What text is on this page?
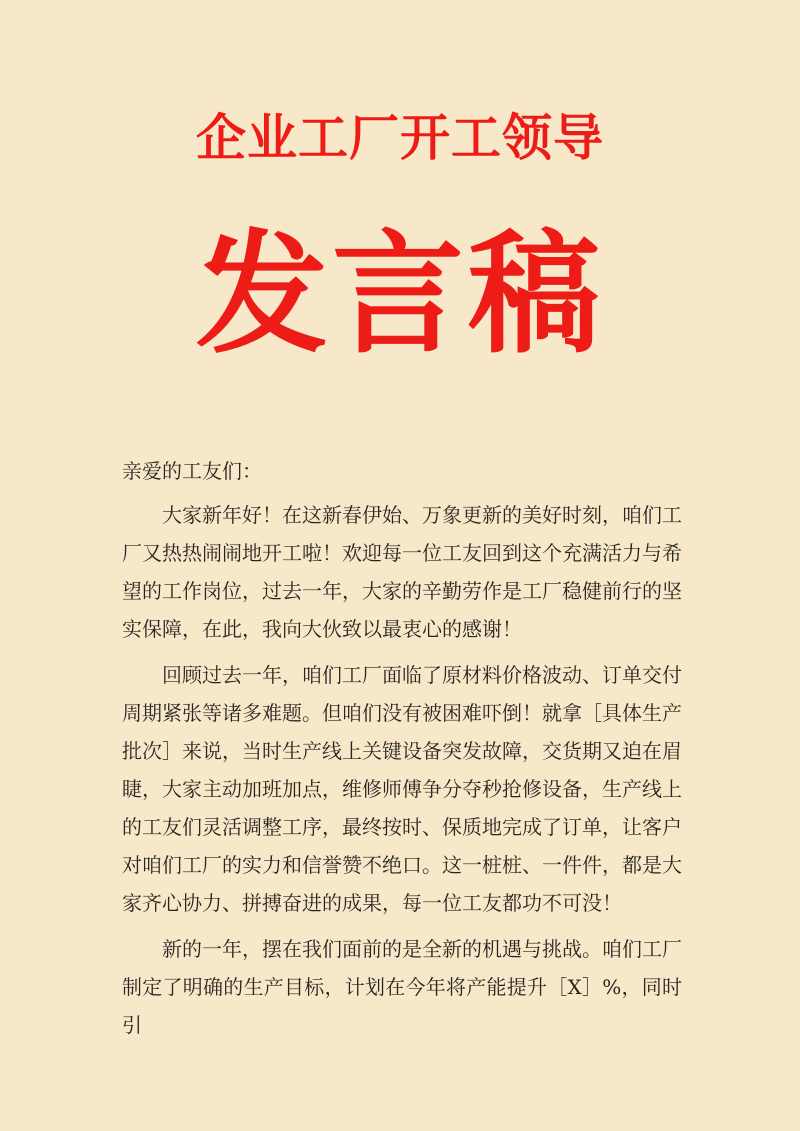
企业工厂开工领导
发言稿

亲爱的工友们：

大家新年好！在这新春伊始、万象更新的美好时刻，咱们工厂又热热闹闹地开工啦！欢迎每一位工友回到这个充满活力与希望的工作岗位，过去一年，大家的辛勤劳作是工厂稳健前行的坚实保障，在此，我向大伙致以最衷心的感谢！

回顾过去一年，咱们工厂面临了原材料价格波动、订单交付周期紧张等诸多难题。但咱们没有被困难吓倒！就拿［具体生产批次］来说，当时生产线上关键设备突发故障，交货期又迫在眉睫，大家主动加班加点，维修师傅争分夺秒抢修设备，生产线上的工友们灵活调整工序，最终按时、保质地完成了订单，让客户对咱们工厂的实力和信誉赞不绝口。这一桩桩、一件件，都是大家齐心协力、拼搏奋进的成果，每一位工友都功不可没！

新的一年，摆在我们面前的是全新的机遇与挑战。咱们工厂制定了明确的生产目标，计划在今年将产能提升［X］%，同时引
